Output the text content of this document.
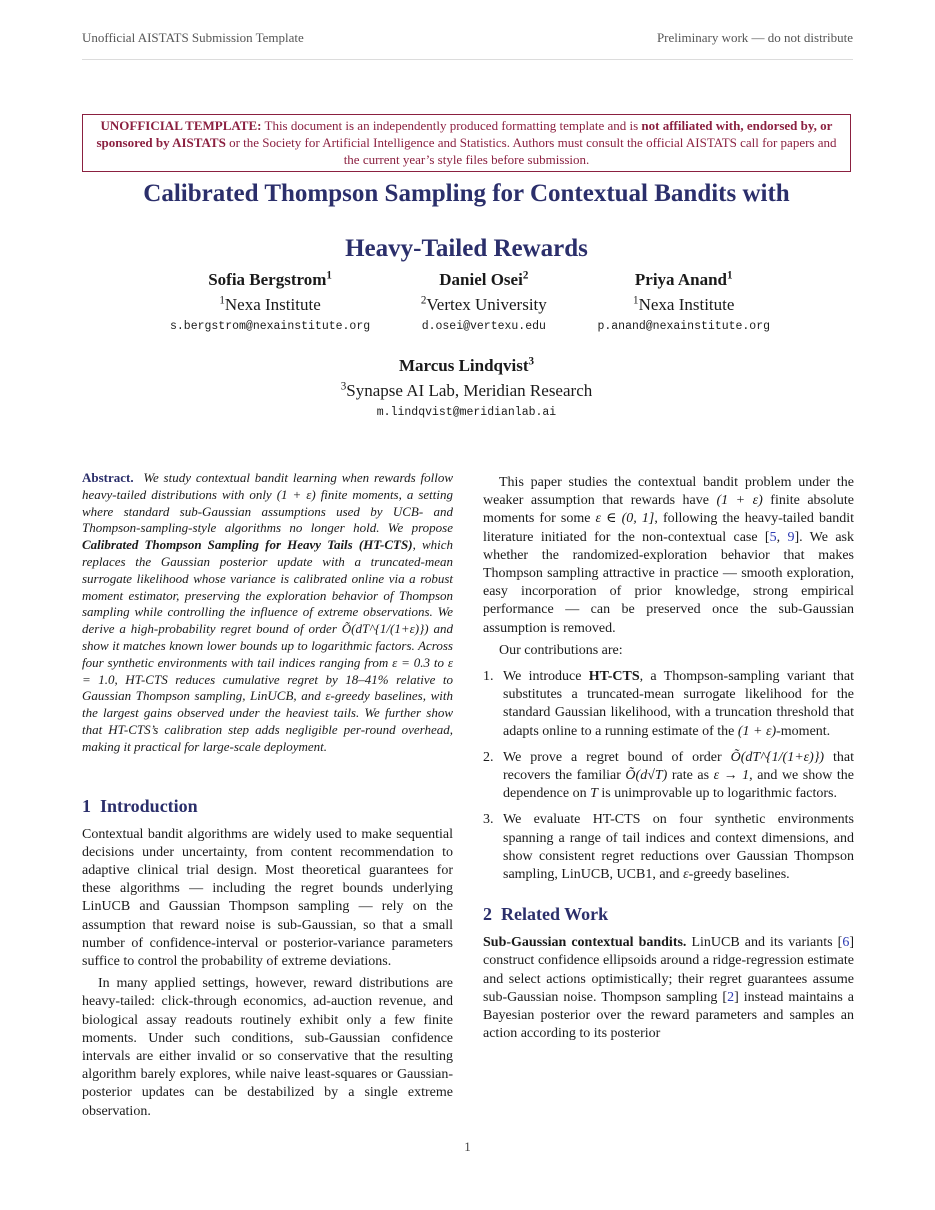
Unofficial AISTATS Submission Template	Preliminary work — do not distribute
UNOFFICIAL TEMPLATE: This document is an independently produced formatting template and is not affiliated with, endorsed by, or sponsored by AISTATS or the Society for Artificial Intelligence and Statistics. Authors must consult the official AISTATS call for papers and the current year’s style files before submission.
Calibrated Thompson Sampling for Contextual Bandits with
Heavy-Tailed Rewards
Sofia Bergstrom$^1$
$^1$Nexa Institute
s.bergstrom@nexainstitute.org
Daniel Osei$^2$
$^2$Vertex University
d.osei@vertexu.edu
Priya Anand$^1$
$^1$Nexa Institute
p.anand@nexainstitute.org
Marcus Lindqvist$^3$
$^3$Synapse AI Lab, Meridian Research
m.lindqvist@meridianlab.ai

Abstract. We study contextual bandit learning when rewards follow heavy-tailed distributions with only (1 + ε) finite moments, a setting where standard sub-Gaussian assumptions used by UCB- and Thompson-sampling-style algorithms no longer hold. We propose Calibrated Thompson Sampling for Heavy Tails (HT-CTS), which replaces the Gaussian posterior update with a truncated-mean surrogate likelihood whose variance is calibrated online via a robust moment estimator, preserving the exploration behavior of Thompson sampling while controlling the influence of extreme observations. We derive a high-probability regret bound of order Õ(dT^{1/(1+ε)}) and show it matches known lower bounds up to logarithmic factors. Across four synthetic environments with tail indices ranging from ε = 0.3 to ε = 1.0, HT-CTS reduces cumulative regret by 18–41% relative to Gaussian Thompson sampling, LinUCB, and ε-greedy baselines, with the largest gains observed under the heaviest tails. We further show that HT-CTS’s calibration step adds negligible per-round overhead, making it practical for large-scale deployment.

1 Introduction

Contextual bandit algorithms are widely used to make sequential decisions under uncertainty, from content recommendation to adaptive clinical trial design. Most theoretical guarantees for these algorithms — including the regret bounds underlying LinUCB and Gaussian Thompson sampling — rely on the assumption that reward noise is sub-Gaussian, so that a small number of confidence-interval or posterior-variance parameters suffice to control the probability of extreme deviations.

In many applied settings, however, reward distributions are heavy-tailed: click-through economics, ad-auction revenue, and biological assay readouts routinely exhibit only a few finite moments. Under such conditions, sub-Gaussian confidence intervals are either invalid or so conservative that the resulting algorithm barely explores, while naive least-squares or Gaussian-posterior updates can be destabilized by a single extreme observation.

This paper studies the contextual bandit problem under the weaker assumption that rewards have (1 + ε) finite absolute moments for some ε ∈ (0, 1], following the heavy-tailed bandit literature initiated for the non-contextual case [5, 9]. We ask whether the randomized-exploration behavior that makes Thompson sampling attractive in practice — smooth exploration, easy incorporation of prior knowledge, strong empirical performance — can be preserved once the sub-Gaussian assumption is removed.

Our contributions are:

1. We introduce HT-CTS, a Thompson-sampling variant that substitutes a truncated-mean surrogate likelihood for the standard Gaussian likelihood, with a truncation threshold that adapts online to a running estimate of the (1 + ε)-moment.
2. We prove a regret bound of order Õ(dT^{1/(1+ε)}) that recovers the familiar Õ(d√T) rate as ε → 1, and we show the dependence on T is unimprovable up to logarithmic factors.
3. We evaluate HT-CTS on four synthetic environments spanning a range of tail indices and context dimensions, and show consistent regret reductions over Gaussian Thompson sampling, LinUCB, UCB1, and ε-greedy baselines.
2 Related Work

Sub-Gaussian contextual bandits. LinUCB and its variants [6] construct confidence ellipsoids around a ridge-regression estimate and select actions optimistically; their regret guarantees assume sub-Gaussian noise. Thompson sampling [2] instead maintains a Bayesian posterior over the reward parameters and samples an action according to its posterior

1
